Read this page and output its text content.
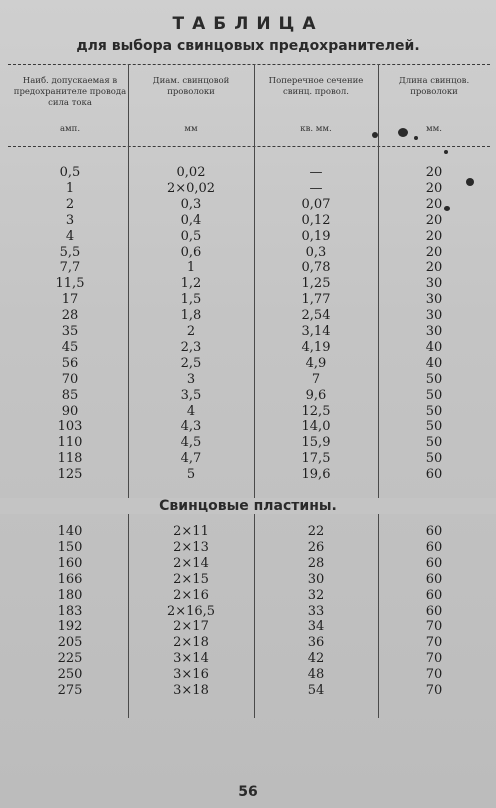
ТАБЛИЦА
для выбора свинцовых предохранителей.
Наиб. допускаемая в предохранителе провода сила тока
Диам. свинцовой проволоки
Поперечное сечение свинц. провол.
Длина свинцов. проволоки
амп.	мм	кв. мм.	мм.
0,5	0,02	—	20
1	2×0,02	—	20
2	0,3	0,07	20
3	0,4	0,12	20
4	0,5	0,19	20
5,5	0,6	0,3	20
7,7	1	0,78	20
11,5	1,2	1,25	30
17	1,5	1,77	30
28	1,8	2,54	30
35	2	3,14	30
45	2,3	4,19	40
56	2,5	4,9	40
70	3	7	50
85	3,5	9,6	50
90	4	12,5	50
103	4,3	14,0	50
110	4,5	15,9	50
118	4,7	17,5	50
125	5	19,6	60
Свинцовые пластины.
140	2×11	22	60
150	2×13	26	60
160	2×14	28	60
166	2×15	30	60
180	2×16	32	60
183	2×16,5	33	60
192	2×17	34	70
205	2×18	36	70
225	3×14	42	70
250	3×16	48	70
275	3×18	54	70
56
